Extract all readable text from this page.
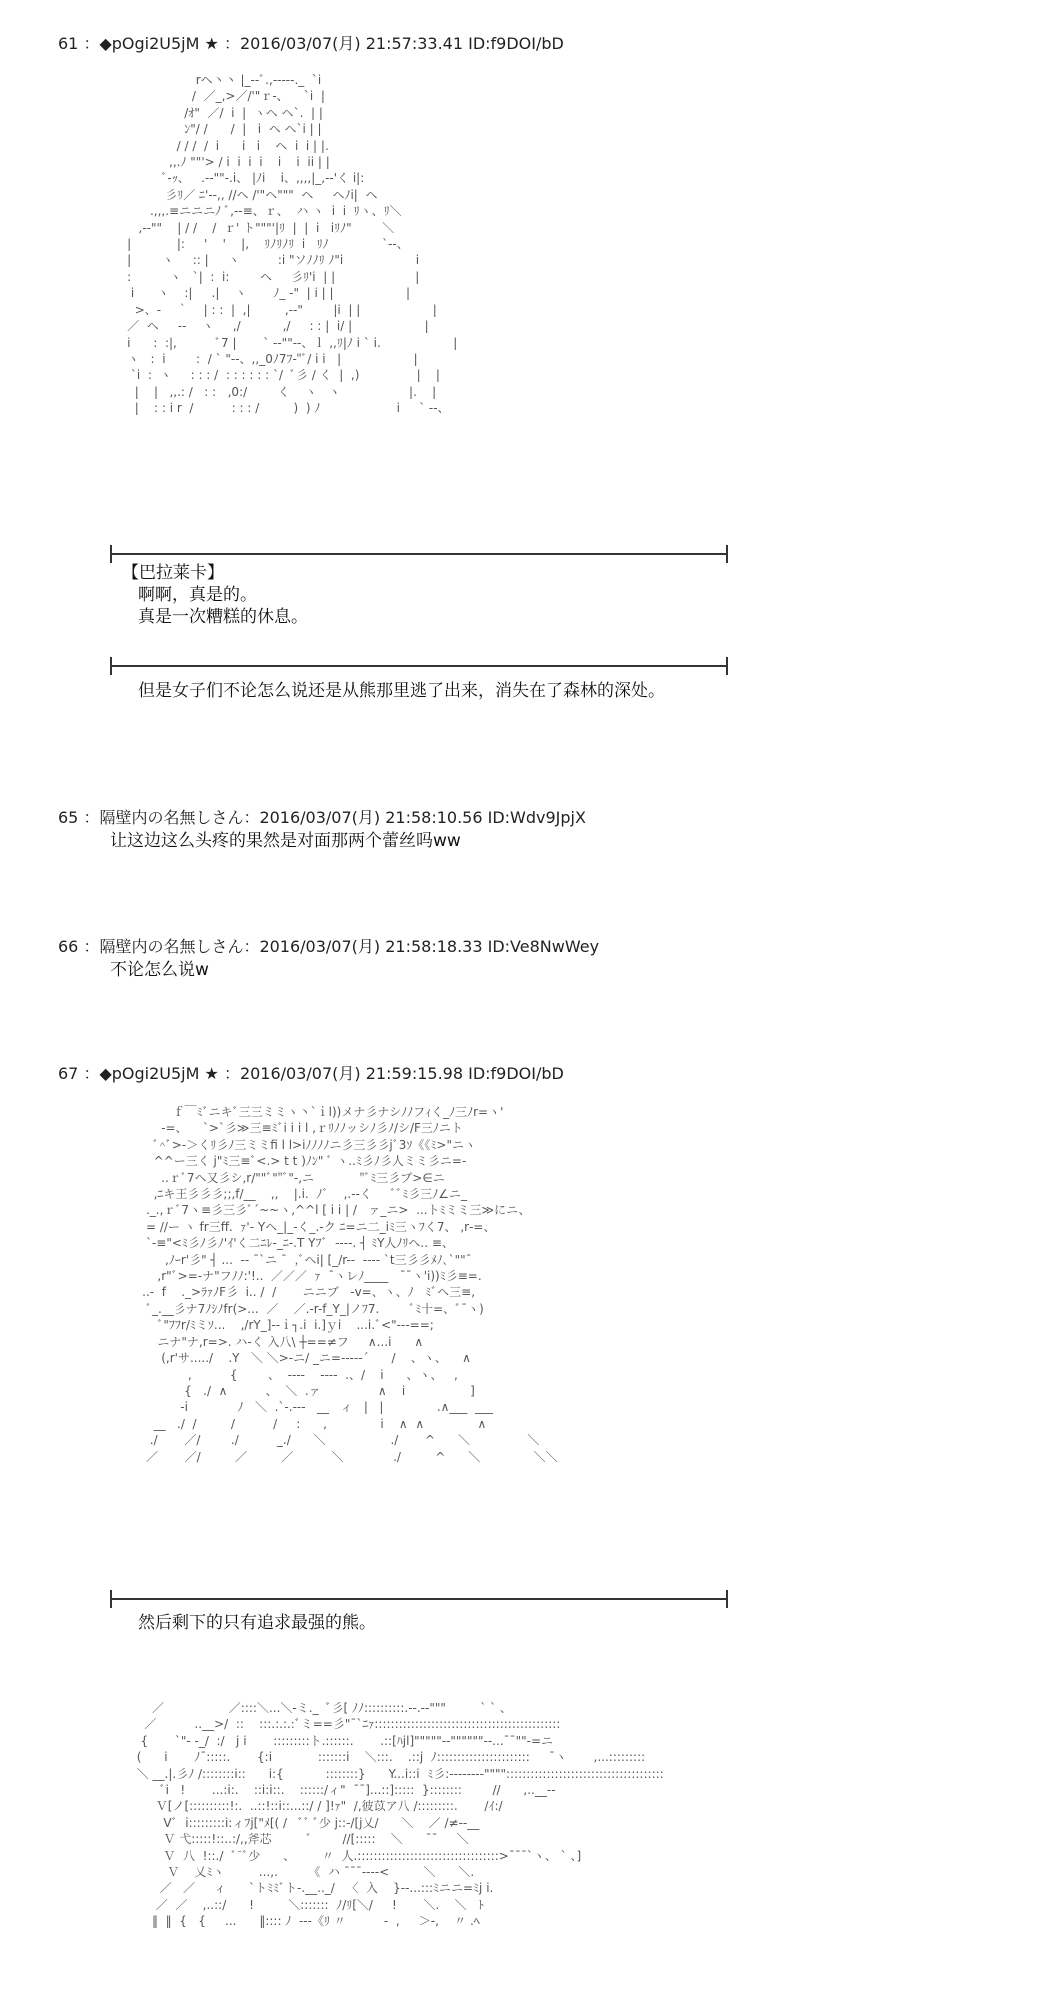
61 ：◆pOgi2U5jM ★ ：2016/03/07(月) 21:57:33.41 ID:f9DOI/bD
rヘ丶丶 |_-‐ﾞ.,-‐-‐-._  `i
/  ／_,>／/'"ｒ-、    `i  |
/ｵ"  ／/  i  |  ヽヘ ヘ`.  | |
ﾝ"/ /      /  |   i  ヘ ヘ`i | |
/ / /  /  i      i   i    ヘ  i  i | |.
,,.ﾉ ""'> / i  i  i  i    i    i  ii | |
ﾞ-ｯ、   .-‐""-.i、 |ﾉi    i、,,,,|_,-‐'く i|:
彡ﾘ／ ﾆ'‐-,, //ヘ /'"ヘ"""  ヘ     ヘﾉi|  ヘ
.,,,.≡ニニニﾉ ﾞ,-‐≡、ｒ、  ハ ヽ  i  i  ﾘヽ、ﾘ＼
,-‐""    | / /    /  ｒ' ト"""'|ﾘ  |  |  i   iﾘﾉ"        ＼
|            |:     '    '    |,    ﾘﾉﾘﾉﾘ  i   ﾘﾉ              `‐-、
|        ヽ     :: |     ヽ          :i "ソﾉﾉﾘ ﾉ"i                   i
:          ヽ   `|  :  i:        ヘ     彡ﾘ'i  | |                     |
i      ヽ    :|     .|    ヽ       ﾉ_ -"  | i | |                   |
>、-    ｀    | : :  |  ,|         ,-‐"        |i  | |                   |
／  ヘ     --    ヽ     ,/           ,/     : : |  i/ |                   |
i      :  :|,          ﾞ7 |       ` ‐-""‐-、ｌ ,,ﾘ|ﾉ i ` i.                   |
ヽ   :  i        :  / ` "‐-、,,_0ﾉ7ﾌ‐"ﾞ/ i i   |                   |
`i  :  ヽ     : : : /  : : : : : : `/  ﾞ彡 / く  |  ,)               |    |
|    |   ,,.: /   : :   ,0:/        く    ヽ   ヽ                  |.    |
|    : : i r  /          : : : /         )  ) ﾉ                    i     ` ‐-、
【巴拉莱卡】
啊啊，真是的。
真是一次糟糕的休息。
但是女子们不论怎么说还是从熊那里逃了出来，消失在了森林的深处。
65 ：隔壁内の名無しさん：2016/03/07(月) 21:58:10.56 ID:Wdv9JpjX
让这边这么头疼的果然是对面那两个蕾丝吗ww
66 ：隔壁内の名無しさん：2016/03/07(月) 21:58:18.33 ID:Ve8NwWey
不论怎么说w
67 ：◆pOgi2U5jM ★ ：2016/03/07(月) 21:59:15.98 ID:f9DOI/bD
ｆ￣ﾐﾞニキﾞ三三ミミヽ丶`ｉl))メナ彡ナシﾉﾉフｨく_ﾉ三ﾉr=ヽ'
‐=、    `>`彡≫三≡ﾐﾞi i i l ,ｒﾘﾉﾉッシﾉ彡ﾉ/シ/F三ﾉニト
ﾞ^ﾞ>-＞くﾘ彡ﾉ三ミミfi l l>iﾉﾉﾉﾉニ彡三彡彡jﾞ3ｿ《《ﾐ>"ニヽ
^^ー三く j"ﾐ三≡ﾞ<.> t t )ﾉﾝ" ﾞ ヽ..ﾐ彡ﾉ彡人ミミ彡ニ=-
..ｒﾞ7ヘ又彡シ,r/""ﾞ""ﾞ"‐,ニ            "ﾞﾐ三彡ブ>∈ニ
,ﾆキ王彡彡彡;;,f/__    ,,    |.i.  ﾉﾞ    ,.--く     ﾞﾞﾐ彡三ﾉ∠ニ_
._.,ｒﾞ7ヽ≡彡三彡ﾞ´~~ヽ,^^l [ i i | /   ァ_ニ>  ...トﾐミミ三≫にニ、
= //ー ヽ fr三ff.  ｧ'‐ Yヘ_|_-く_.-ク ﾆ=ニ二_iﾐ三ヽﾌく7、 ,r‐=、
`‐≡"<ﾐ彡ﾉ彡ﾉ'ｲ'く二ﾆﾚ-_ﾆ-.T Yﾌﾞ  -‐‐-. ┤ ﾐY人ﾉﾘヘ.. ≡、
,ﾉｰr'彡" ┤ ...  -- ¯`ニ ¯  ,ﾞヘi| [_/r-‐  --‐‐ `t三彡彡ﾒﾉ､`""¯
,r"ﾞ>=‐ナ"フﾉﾉ:'!..  ／／／  ｧ  ¯ヽレﾉ____   ¯¯ヽ'i))ﾐ彡≡=.
..-  f    ._>ﾗｧﾉF彡  i.. /  /       ニニブ   -v=、ヽ、ﾉ   ﾐﾞヘ三≡,
ﾞ_.__彡ナ7ﾉｼﾉfr(>...  ／    ／.-r-f_Y_|ノﾌ7.        ﾞﾐ十=、ﾞ¯ヽ)
ﾞ"ﾌﾌr/ﾐミｿ...    ,/rY_]-‐ｉ┐.i  i.]ｙi    ...i.ﾞ<"‐‐‐==;
ニナ"ナ,r=>. ハ‐く 入八\ ┼==≠フ     ∧...i      ∧
(,r'サ...../    .Y   ＼ ＼>-ニ/ _ニ=----‐´      /    、ヽ、    ∧
,          {        、  ---‐    ‐‐‐‐  .、/    i      、ヽ、   ,
{   ./  ∧          、  ＼  .ァ               ∧    i                 ]
-i             ﾉ   ＼  .`-.---   __   ィ   |   |              .∧___  ___
__   ./  /         /          /     :      ,              i    ∧  ∧              ∧
./       ／/        ./          _./      ＼                 ./       ^      ＼               ＼
／       ／/         ／         ／          ＼             ./         ^      ＼              ＼＼
然后剩下的只有追求最强的熊。
／                 ／::::＼...＼‐ミ._  ﾞ彡[ ﾉﾉ::::::::::.‐‐.‐‐"""         ` ` 、
／          ..__>/  ::    :::.:.:.:ﾞミ==彡"¯`ﾆｧ::::::::::::::::::::::::::::::::::::::::::::::
{       `"‐ -_/  :/   j i       :::::::::ト.::::::.       .::[ﾊjl]"""""‐-""""""‐‐...¯¯""‐=ニ
(      i       ﾉ¯:::::.       {:i            :::::::i    ＼:::.    .::j  ﾉ:::::::::::::::::::::::     ¯ヽ       ,...:::::::::
＼ __.|.彡ﾉ /::::::::i::      i:{           ::::::::}      Y...i::i  ﾐ彡:‐‐‐‐‐---"""":::::::::::::::::::::::::::::::::::::::
ﾞi   !       ...:i:.    ::i:i::.    ::::::/ィ"  ¯¯]...::]:::::  }::::::::        //      ,..__‐‐
Ｖ[ノ[::::::::::!:.  ..::!::i::...::/ / ]!ｧ"  /,彼苡ア八 /:::::::::.       /ｲ:/
Vﾞ  i:::::::::i:ィﾌj["ﾒ[( /   ﾞﾞ ﾞ少 j::-/[j乂/      ＼    ／ /≠‐-__
Ｖ 弋:::::!::..:/,,斧芯         ﾞ        //[:::::    ＼      ¯¯     ＼
Ｖ  八  !::./  ﾞ¯ﾞ少      、       〃  人.:::::::::::::::::::::::::::::::::::>¯¯¯`ヽ、 ` 、]
Ｖ    乂ﾐヽ         ...,.        《  ハ ¯¯¯‐-‐‐<         ＼      ＼.
／   ／     ィ      `トﾐﾐﾞト‐.__.._/   〈  入    }‐‐...:::ﾐニニ=ﾐj i.
／  ／    ,..::/      !         ＼:::::::  ﾉ/ﾘ[＼/     !       ＼.    ＼   ﾄ
‖  ‖  {   {     ...      ‖:::: ﾉ  ‐‐‐《ﾘ 〃          ‐  ,     ＞‐,    〃 .ﾍ
